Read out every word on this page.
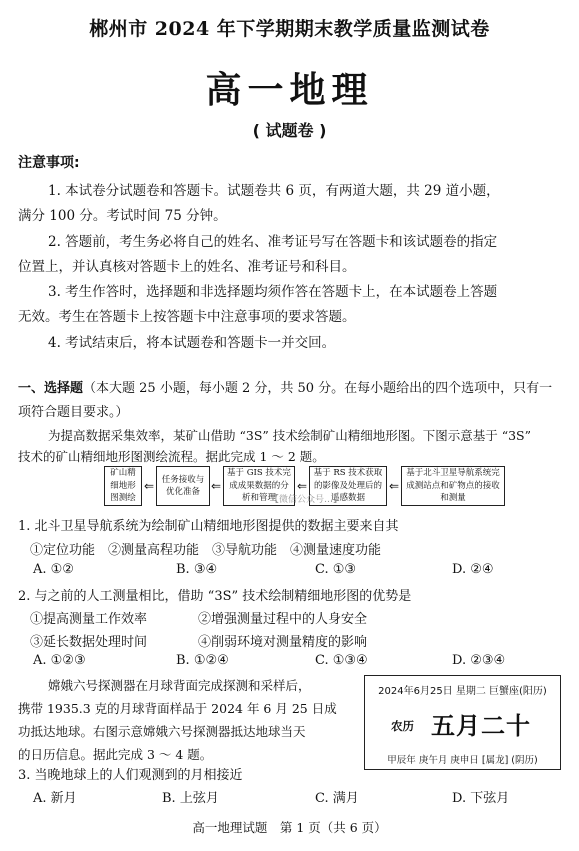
郴州市 2024 年下学期期末教学质量监测试卷
高一地理
( 试题卷 )
注意事项:
1. 本试卷分试题卷和答题卡。试题卷共 6 页，有两道大题，共 29 道小题，
满分 100 分。考试时间 75 分钟。
2. 答题前，考生务必将自己的姓名、准考证号写在答题卡和该试题卷的指定
位置上，并认真核对答题卡上的姓名、准考证号和科目。
3. 考生作答时，选择题和非选择题均须作答在答题卡上，在本试题卷上答题
无效。考生在答题卡上按答题卡中注意事项的要求答题。
4. 考试结束后，将本试题卷和答题卡一并交回。
一、选择题（本大题 25 小题，每小题 2 分，共 50 分。在每小题给出的四个选项中，只有一
项符合题目要求。）
为提高数据采集效率，某矿山借助 “3S” 技术绘制矿山精细地形图。下图示意基于 “3S”
技术的矿山精细地形图测绘流程。据此完成 1 ～ 2 题。
矿山精细地形图测绘
⇐ 任务接收与优化准备 ⇐
基于 GIS 技术完成成果数据的分析和管理
⇐
基于 RS 技术获取的影像及处理后的遥感数据
⇐
基于北斗卫星导航系统完成测站点和矿物点的接收和测量
【微信公众号…】
1. 北斗卫星导航系统为绘制矿山精细地形图提供的数据主要来自其
①定位功能　②测量高程功能　③导航功能　④测量速度功能
A. ①②	B. ③④	C. ①③	D. ②④
2. 与之前的人工测量相比，借助 “3S” 技术绘制精细地形图的优势是
①提高测量工作效率	②增强测量过程中的人身安全
③延长数据处理时间	④削弱环境对测量精度的影响
A. ①②③	B. ①②④	C. ①③④	D. ②③④
嫦娥六号探测器在月球背面完成探测和采样后，
携带 1935.3 克的月球背面样品于 2024 年 6 月 25 日成
功抵达地球。右图示意嫦娥六号探测器抵达地球当天
的日历信息。据此完成 3 ～ 4 题。
2024年6月25日 星期二 巨蟹座(阳历)
农历 五月二十
甲辰年 庚午月 庚申日 [属龙] (阴历)
3. 当晚地球上的人们观测到的月相接近
A. 新月	B. 上弦月	C. 满月	D. 下弦月
高一地理试题　第 1 页（共 6 页）
